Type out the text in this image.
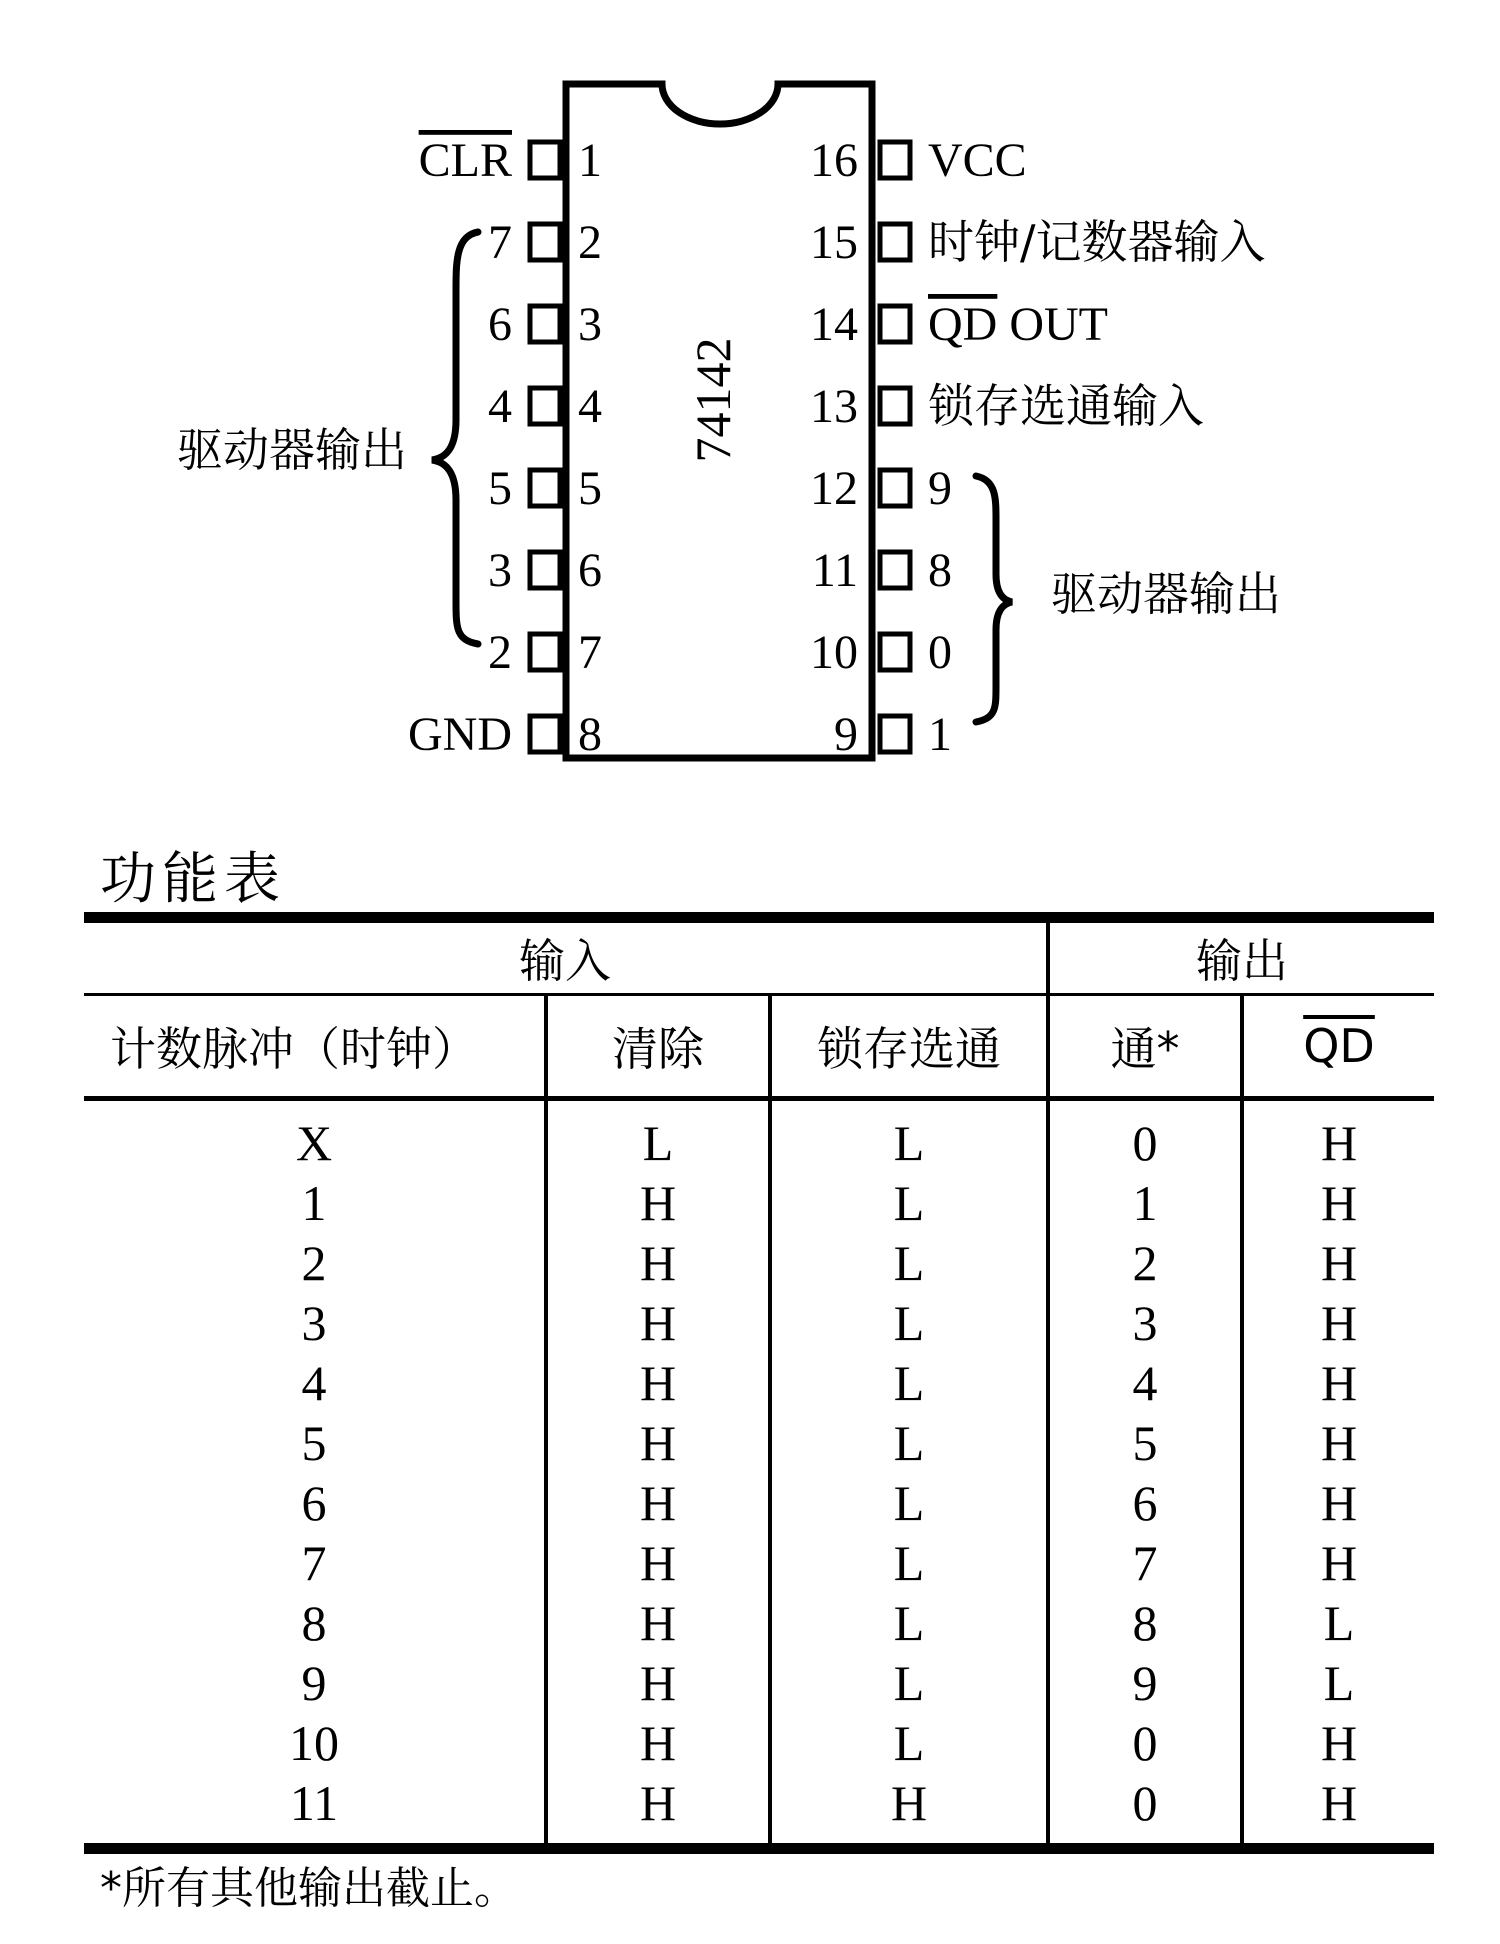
74142
1
CLR
2
7
3
6
4
4
5
5
6
3
7
2
8
GND
16 VCC
15 时钟/记数器输入
14 QD OUT
13 锁存选通输入
12 9
11 8
10 0
9 1
驱动器输出
驱动器输出
功能表
输入			输出	
计数脉冲（时钟）	清除	锁存选通	通*	$\overline{QD}$
X	L	L	0	H
1	H	L	1	H
2	H	L	2	H
3	H	L	3	H
4	H	L	4	H
5	H	L	5	H
6	H	L	6	H
7	H	L	7	H
8	H	L	8	L
9	H	L	9	L
10	H	L	0	H
11	H	H	0	H
*所有其他输出截止。
